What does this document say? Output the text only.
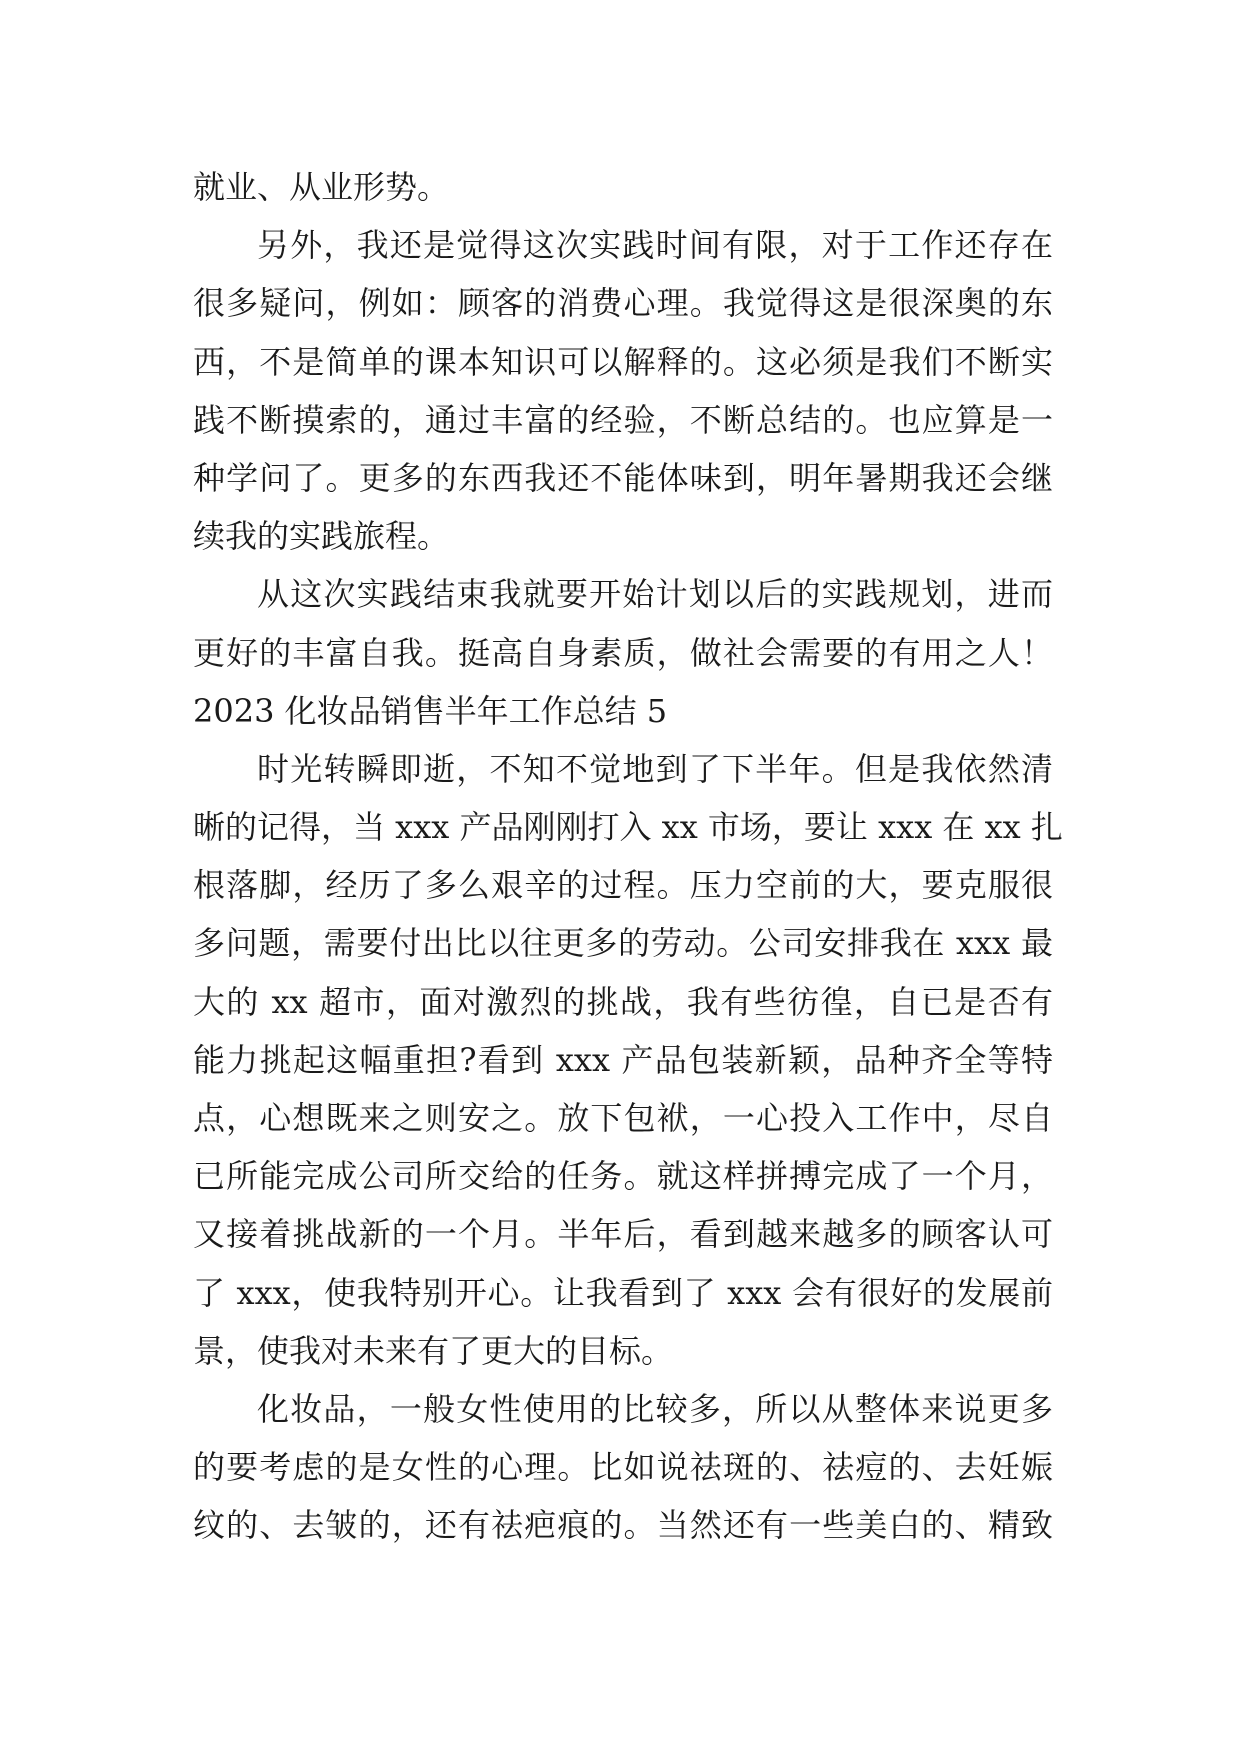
就业、从业形势。
另外，我还是觉得这次实践时间有限，对于工作还存在
很多疑问，例如：顾客的消费心理。我觉得这是很深奥的东
西，不是简单的课本知识可以解释的。这必须是我们不断实
践不断摸索的，通过丰富的经验，不断总结的。也应算是一
种学问了。更多的东西我还不能体味到，明年暑期我还会继
续我的实践旅程。
从这次实践结束我就要开始计划以后的实践规划，进而
更好的丰富自我。挺高自身素质，做社会需要的有用之人！
2023 化妆品销售半年工作总结 5
时光转瞬即逝，不知不觉地到了下半年。但是我依然清
晰的记得，当 xxx 产品刚刚打入 xx 市场，要让 xxx 在 xx 扎
根落脚，经历了多么艰辛的过程。压力空前的大，要克服很
多问题，需要付出比以往更多的劳动。公司安排我在 xxx 最
大的 xx 超市，面对激烈的挑战，我有些彷徨，自已是否有
能力挑起这幅重担?看到 xxx 产品包装新颖，品种齐全等特
点，心想既来之则安之。放下包袱，一心投入工作中，尽自
已所能完成公司所交给的任务。就这样拼搏完成了一个月，
又接着挑战新的一个月。半年后，看到越来越多的顾客认可
了 xxx，使我特别开心。让我看到了 xxx 会有很好的发展前
景，使我对未来有了更大的目标。
化妆品，一般女性使用的比较多，所以从整体来说更多
的要考虑的是女性的心理。比如说祛斑的、祛痘的、去妊娠
纹的、去皱的，还有祛疤痕的。当然还有一些美白的、精致
